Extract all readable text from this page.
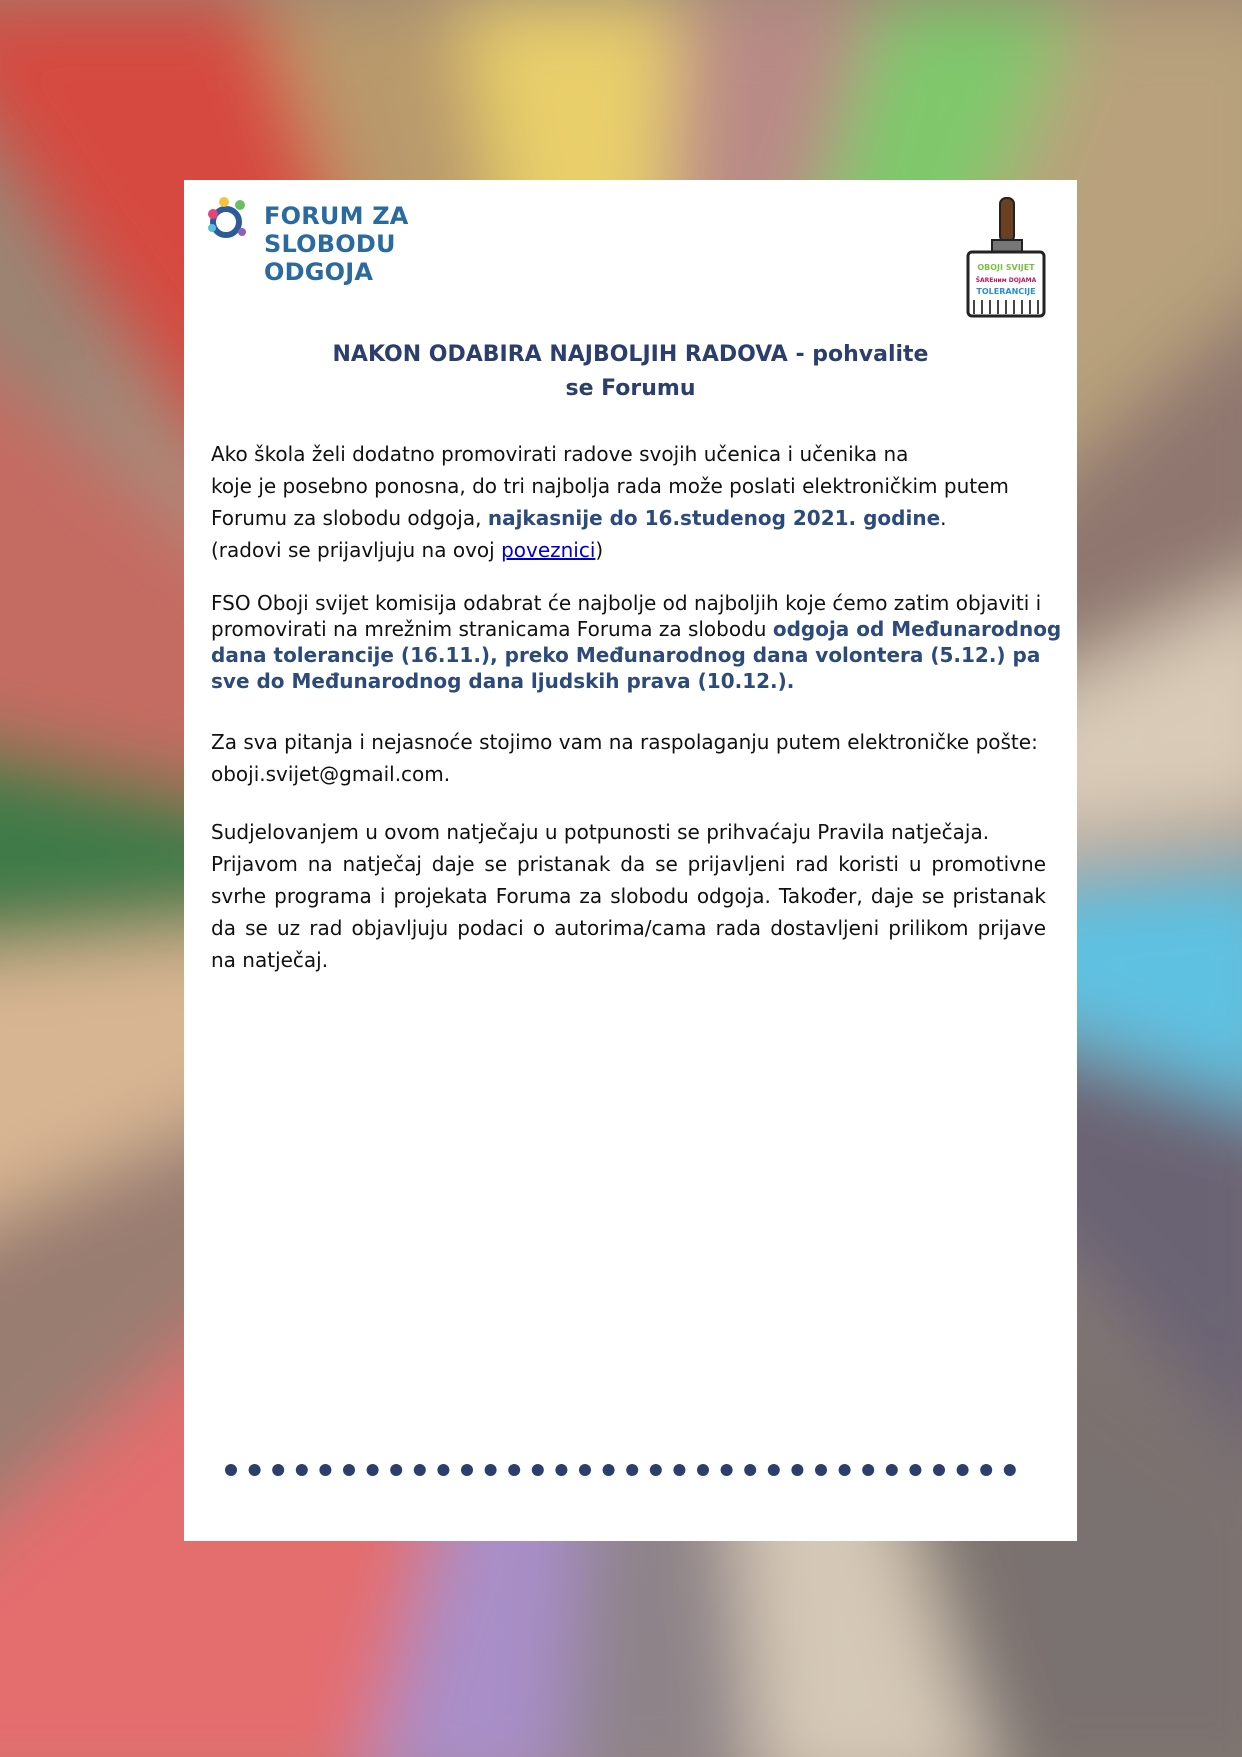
FORUM ZA
SLOBODU
ODGOJA	OBOJI SVIJET
ŠAREним DOJAMA
TOLERANCIJE
NAKON ODABIRA NAJBOLJIH RADOVA - pohvalite
se Forumu
Ako škola želi dodatno promovirati radove svojih učenica i učenika na
koje je posebno ponosna, do tri najbolja rada može poslati elektroničkim putem
Forumu za slobodu odgoja, najkasnije do 16.studenog 2021. godine.
(radovi se prijavljuju na ovoj poveznici)
FSO Oboji svijet komisija odabrat će najbolje od najboljih koje ćemo zatim objaviti i promovirati na mrežnim stranicama Foruma za slobodu odgoja od Međunarodnog dana tolerancije (16.11.), preko Međunarodnog dana volontera (5.12.) pa sve do Međunarodnog dana ljudskih prava (10.12.).
Za sva pitanja i nejasnoće stojimo vam na raspolaganju putem elektroničke pošte: oboji.svijet@gmail.com.
Sudjelovanjem u ovom natječaju u potpunosti se prihvaćaju Pravila natječaja.
Prijavom na natječaj daje se pristanak da se prijavljeni rad koristi u promotivne svrhe programa i projekata Foruma za slobodu odgoja. Također, daje se pristanak da se uz rad objavljuju podaci o autorima/cama rada dostavljeni prilikom prijave na natječaj.
